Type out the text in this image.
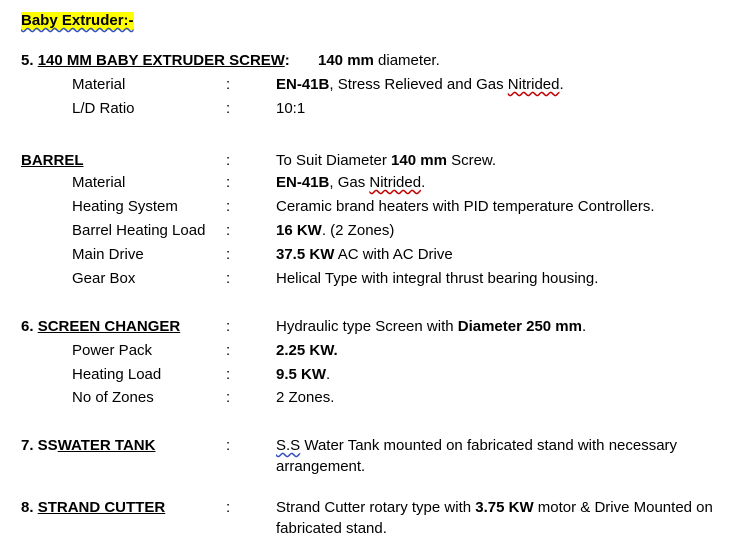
Baby Extruder:-
5. 140 MM BABY EXTRUDER SCREW: 140 mm diameter.
Material	:	EN-41B, Stress Relieved and Gas Nitrided.
L/D Ratio	:	10:1
BARREL	:	To Suit Diameter 140 mm Screw.
Material	:	EN-41B, Gas Nitrided.
Heating System	:	Ceramic brand heaters with PID temperature Controllers.
Barrel Heating Load :	16 KW. (2 Zones)
Main Drive	:	37.5 KW AC with AC Drive
Gear Box	:	Helical Type with integral thrust bearing housing.
6. SCREEN CHANGER	:	Hydraulic type Screen with Diameter 250 mm.
Power Pack	:	2.25 KW.
Heating Load	:	9.5 KW.
No of Zones	:	2 Zones.
7. SSWATER TANK	:	S.S Water Tank mounted on fabricated stand with necessary
arrangement.
8. STRAND CUTTER	:	Strand Cutter rotary type with 3.75 KW motor & Drive Mounted on
fabricated stand.
